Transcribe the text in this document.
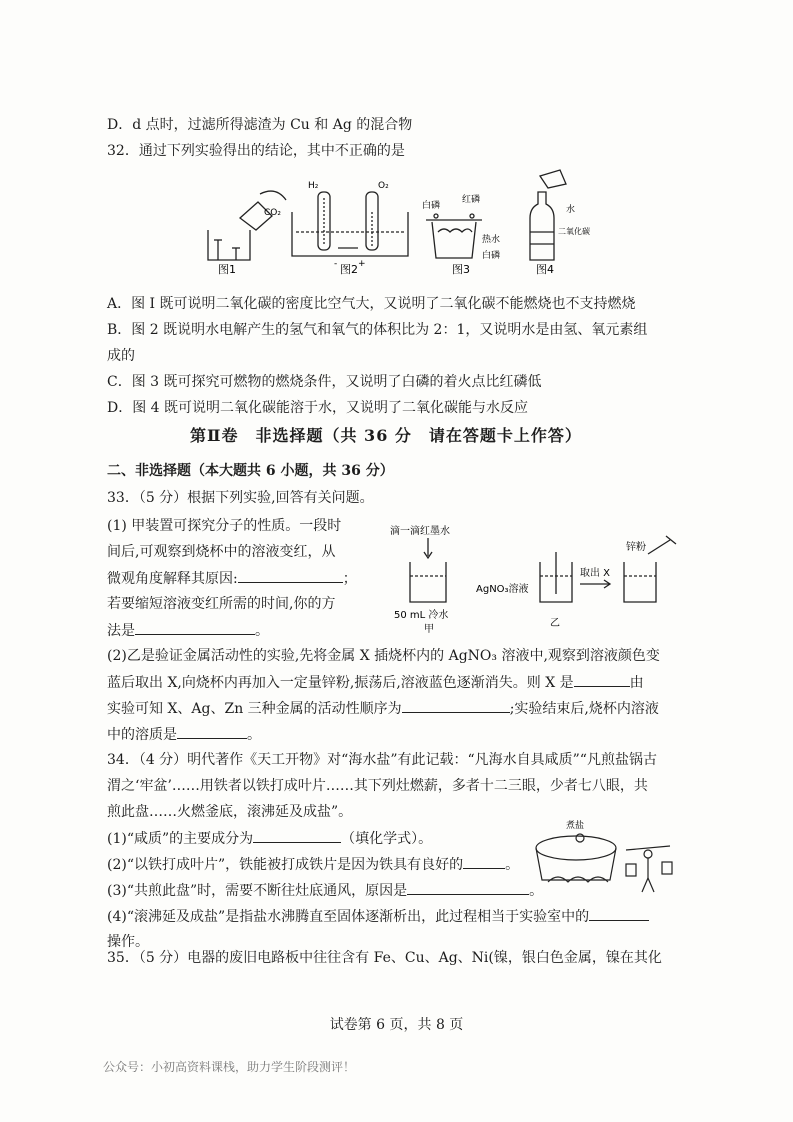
D．d 点时，过滤所得滤渣为 Cu 和 Ag 的混合物
32．通过下列实验得出的结论，其中不正确的是
CO₂
图1
H₂	O₂
- +
图2
白磷
红磷
热水
白磷
图3
水
二氧化碳
图4
A．图 I 既可说明二氧化碳的密度比空气大，又说明了二氧化碳不能燃烧也不支持燃烧
B．图 2 既说明水电解产生的氢气和氧气的体积比为 2：1，又说明水是由氢、氧元素组
成的
C．图 3 既可探究可燃物的燃烧条件，又说明了白磷的着火点比红磷低
D．图 4 既可说明二氧化碳能溶于水，又说明了二氧化碳能与水反应
第Ⅱ卷　非选择题（共 36 分　请在答题卡上作答）
二、非选择题（本大题共 6 小题，共 36 分）
33．（5 分）根据下列实验,回答有关问题。
(1) 甲装置可探究分子的性质。一段时
间后,可观察到烧杯中的溶液变红，从
微观角度解释其原因:	；
若要缩短溶液变红所需的时间,你的方
法是	。
滴一滴红墨水
50 mL 冷水
甲
AgNO₃溶液
取出 X
锌粉
乙
(2)乙是验证金属活动性的实验,先将金属 X 插烧杯内的 AgNO₃ 溶液中,观察到溶液颜色变
蓝后取出 X,向烧杯内再加入一定量锌粉,振荡后,溶液蓝色逐渐消失。则 X 是	由
实验可知 X、Ag、Zn 三种金属的活动性顺序为	;实验结束后,烧杯内溶液
中的溶质是	。
34．（4 分）明代著作《天工开物》对“海水盐”有此记载：“凡海水自具咸质”“凡煎盐锅古
渭之‘牢盆’……用铁者以铁打成叶片……其下列灶燃薪，多者十二三眼，少者七八眼，共
煎此盘……火燃釜底，滚沸延及成盐”。
(1)“咸质”的主要成分为	（填化学式）。
(2)“以铁打成叶片”，铁能被打成铁片是因为铁具有良好的	。
(3)“共煎此盘”时，需要不断往灶底通风，原因是	。
(4)“滚沸延及成盐”是指盐水沸腾直至固体逐渐析出，此过程相当于实验室中的
操作。
煮盐
35．（5 分）电器的废旧电路板中往往含有 Fe、Cu、Ag、Ni(镍，银白色金属，镍在其化
试卷第 6 页，共 8 页
公众号：小初高资料课栈，助力学生阶段测评！
